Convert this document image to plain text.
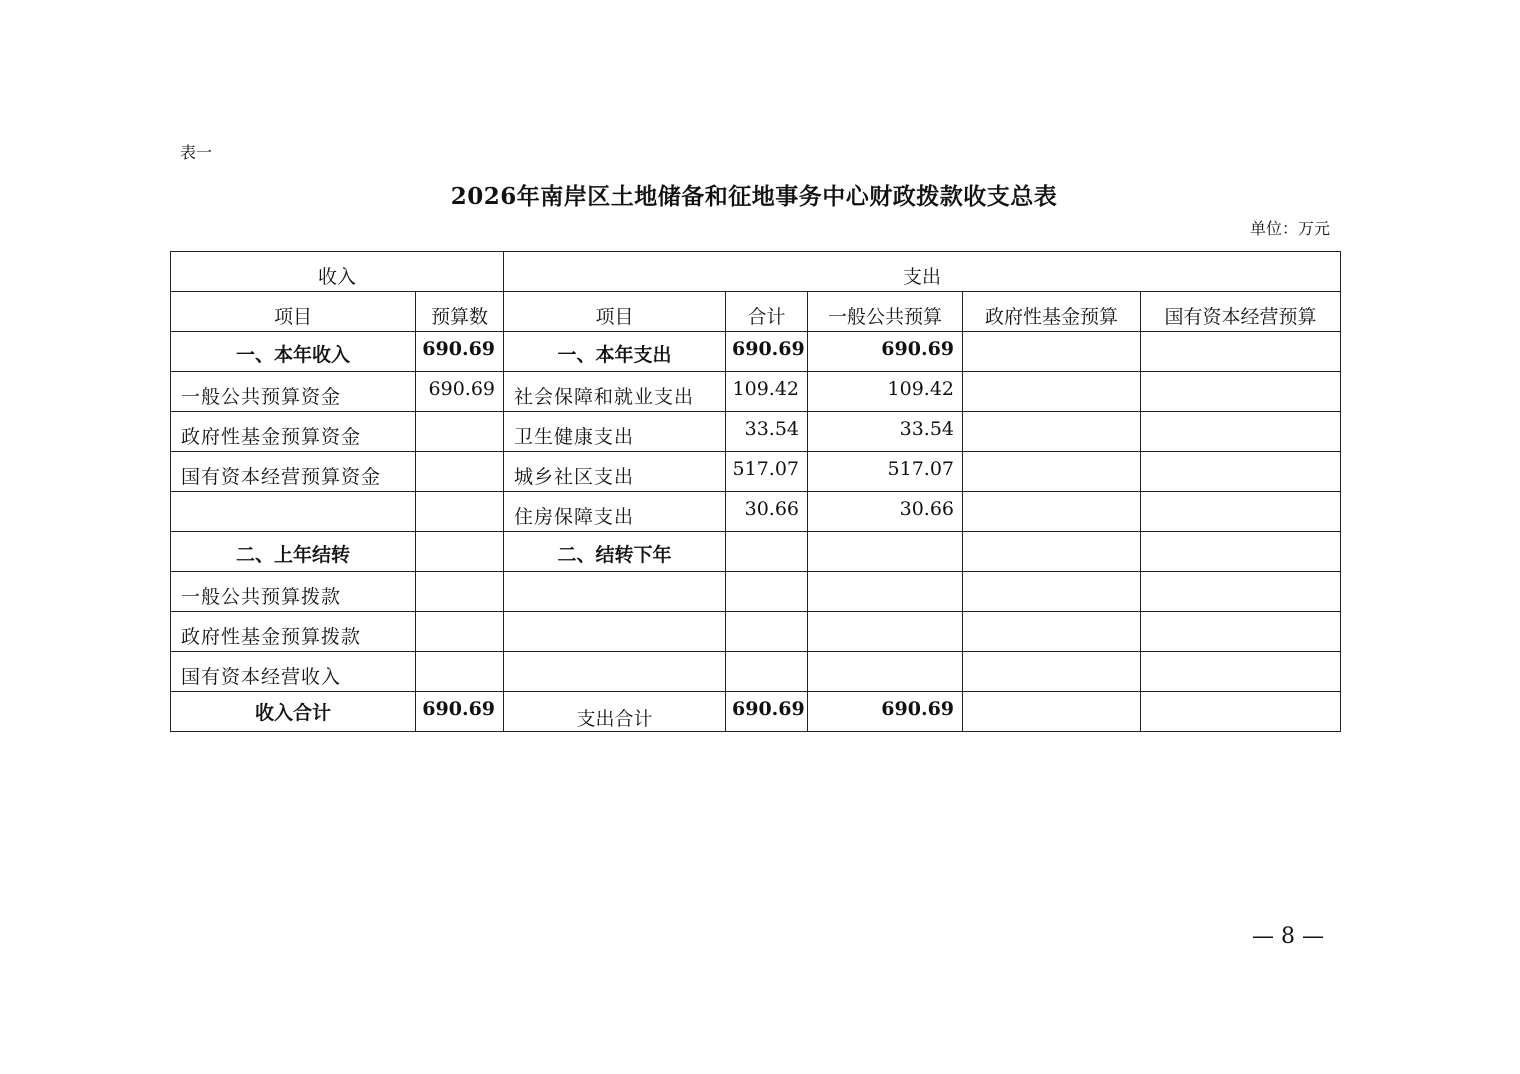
表一
2026年南岸区土地储备和征地事务中心财政拨款收支总表
单位：万元
收入		支出				
项目	预算数	项目	合计	一般公共预算	政府性基金预算	国有资本经营预算
一、本年收入	690.69	一、本年支出	690.69	690.69		
一般公共预算资金	690.69	社会保障和就业支出	109.42	109.42		
政府性基金预算资金		卫生健康支出	33.54	33.54		
国有资本经营预算资金		城乡社区支出	517.07	517.07		
		住房保障支出	30.66	30.66		
二、上年结转		二、结转下年				
一般公共预算拨款						
政府性基金预算拨款						
国有资本经营收入						
收入合计	690.69	支出合计	690.69	690.69		
— 8 —
